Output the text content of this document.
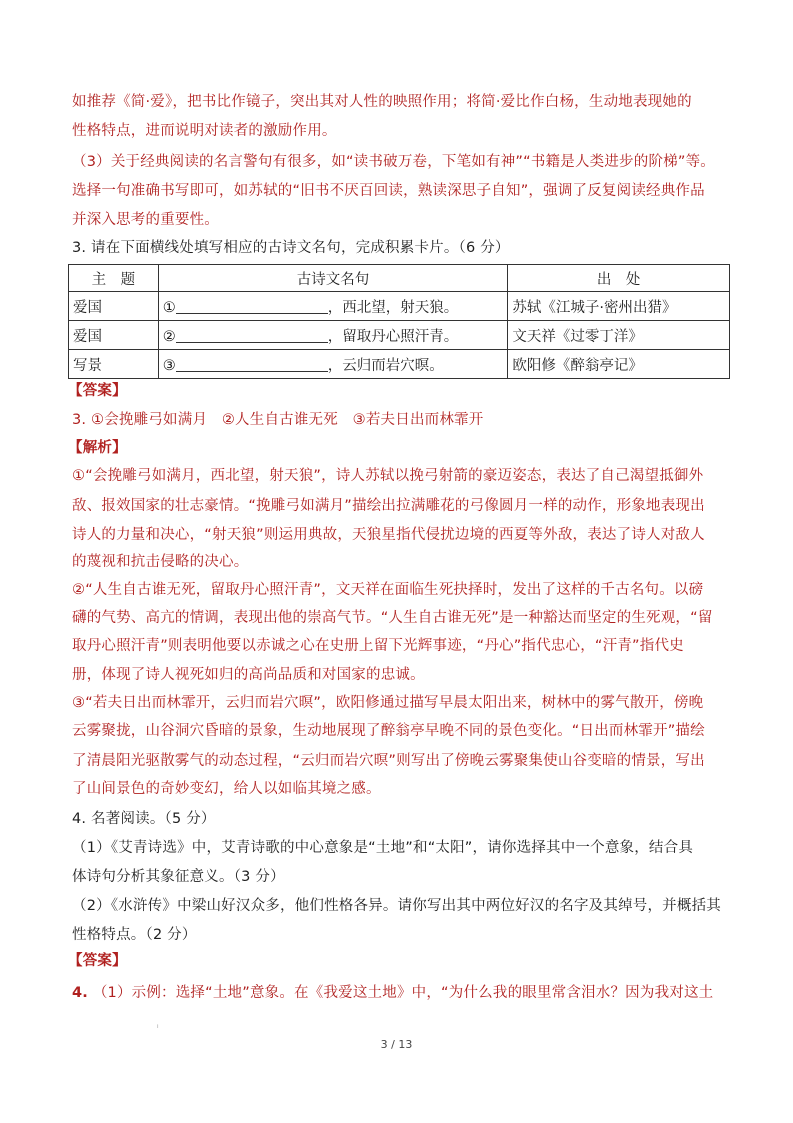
如推荐《简·爱》，把书比作镜子，突出其对人性的映照作用；将简·爱比作白杨，生动地表现她的
性格特点，进而说明对读者的激励作用。
（3）关于经典阅读的名言警句有很多，如“读书破万卷，下笔如有神”“书籍是人类进步的阶梯”等。
选择一句准确书写即可，如苏轼的“旧书不厌百回读，熟读深思子自知”，强调了反复阅读经典作品
并深入思考的重要性。
3. 请在下面横线处填写相应的古诗文名句，完成积累卡片。（6 分）
主　题	古诗文名句	出　处
爱国	① ，西北望，射天狼。	苏轼《江城子·密州出猎》
爱国	② ，留取丹心照汗青。	文天祥《过零丁洋》
写景	③ ，云归而岩穴暝。	欧阳修《醉翁亭记》
【答案】
3. ①会挽雕弓如满月　②人生自古谁无死　③若夫日出而林霏开
【解析】
①“会挽雕弓如满月，西北望，射天狼”，诗人苏轼以挽弓射箭的豪迈姿态，表达了自己渴望抵御外
敌、报效国家的壮志豪情。“挽雕弓如满月”描绘出拉满雕花的弓像圆月一样的动作，形象地表现出
诗人的力量和决心，“射天狼”则运用典故，天狼星指代侵扰边境的西夏等外敌，表达了诗人对敌人
的蔑视和抗击侵略的决心。
②“人生自古谁无死，留取丹心照汗青”，文天祥在面临生死抉择时，发出了这样的千古名句。以磅
礴的气势、高亢的情调，表现出他的崇高气节。“人生自古谁无死”是一种豁达而坚定的生死观，“留
取丹心照汗青”则表明他要以赤诚之心在史册上留下光辉事迹，“丹心”指代忠心，“汗青”指代史
册，体现了诗人视死如归的高尚品质和对国家的忠诚。
③“若夫日出而林霏开，云归而岩穴暝”，欧阳修通过描写早晨太阳出来，树林中的雾气散开，傍晚
云雾聚拢，山谷洞穴昏暗的景象，生动地展现了醉翁亭早晚不同的景色变化。“日出而林霏开”描绘
了清晨阳光驱散雾气的动态过程，“云归而岩穴暝”则写出了傍晚云雾聚集使山谷变暗的情景，写出
了山间景色的奇妙变幻，给人以如临其境之感。
4. 名著阅读。（5 分）
（1）《艾青诗选》中，艾青诗歌的中心意象是“土地”和“太阳”，请你选择其中一个意象，结合具
体诗句分析其象征意义。（3 分）
（2）《水浒传》中梁山好汉众多，他们性格各异。请你写出其中两位好汉的名字及其绰号，并概括其
性格特点。（2 分）
【答案】
4. （1）示例：选择“土地”意象。在《我爱这土地》中，“为什么我的眼里常含泪水？因为我对这土
ⁱ
3 / 13
